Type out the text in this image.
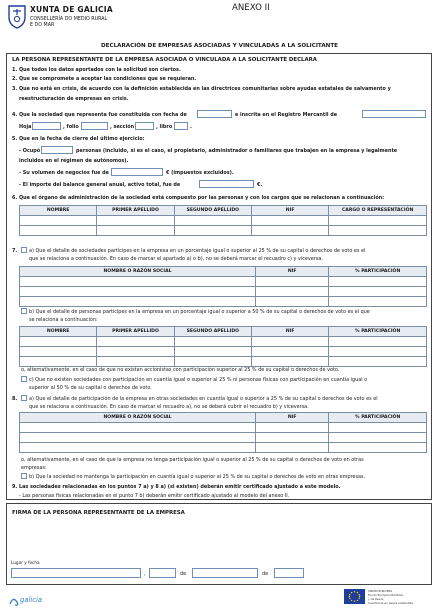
XUNTA DE GALICIA
CONSELLERÍA DO MEDIO RURAL
E DO MAR
ANEXO II
DECLARACIÓN DE EMPRESAS ASOCIADAS Y VINCULADAS A LA SOLICITANTE
LA PERSONA REPRESENTANTE DE LA EMPRESA ASOCIADA O VINCULADA A LA SOLICITANTE DECLARA
1. Que todos los datos aportados con la solicitud son ciertos.
2. Que se compromete a aceptar las condiciones que se requieran.
3. Que no está en crisis, de acuerdo con la definición establecida en las directrices comunitarias sobre ayudas estatales de salvamento y
reestructuración de empresas en crisis.
4. Que la sociedad que representa fue constituida con fecha de	e inscrita en el Registro Mercantil de
Hoja	, folio	, sección	, libro	.
5. Que en la fecha de cierre del último ejercicio:
- Ocupó	personas (incluido, si es el caso, el propietario, administrador o familiares que trabajen en la empresa y legalmente
incluidos en el régimen de autónomos).
- Su volumen de negocios fue de	€ (impuestos excluidos).
- El importe del balance general anual, activo total, fue de	€.
6. Que el órgano de administración de la sociedad está compuesto por las personas y con los cargos que se relacionan a continuación:
NOMBRE	PRIMER APELLIDO	SEGUNDO APELLIDO	NIF	CARGO O REPRESENTACIÓN

7. a) Que el detalle de sociedades partícipes en la empresa en un porcentaje igual o superior al 25 % de su capital o derechos de voto es el
que se relaciona a continuación. En caso de marcar el apartado a) o b), no se deberá marcar el recuadro c) y viceversa.
NOMBRE O RAZÓN SOCIAL	NIF	% PARTICIPACIÓN

b) Que el detalle de personas partícipes en la empresa en un porcentaje igual o superior a 50 % de su capital o derechos de voto es el que
se relaciona a continuación:
NOMBRE	PRIMER APELLIDO	SEGUNDO APELLIDO	NIF	% PARTICIPACIÓN

o, alternativamente, en el caso de que no existan accionistas con participación superior al 25 % de su capital o derechos de voto.
c) Que no existen sociedades con participación en cuantía igual o superior al 25 % ni personas físicas con participación en cuantía igual o
superior al 50 % de su capital o derechos de voto.
8. a) Que el detalle de participación de la empresa en otras sociedades en cuantía igual o superior a 25 % de su capital o derechos de voto es el
que se relaciona a continuación. En caso de marcar el recuadro a), no se deberá cubrir el recuadro b) y viceversa.
NOMBRE O RAZÓN SOCIAL	NIF	% PARTICIPACIÓN

o, alternativamente, en el caso de que la empresa no tenga participación igual o superior al 25 % de su capital o derechos de voto en otras
empresas:
b) Que la sociedad no mantenga la participación en cuantía igual o superior al 25 % de su capital o derechos de voto en otras empresas.
9. Las sociedades relacionadas en los puntos 7 a) y 8 a) (si existen) deberán emitir certificado ajustado a este modelo.
- Las personas físicas relacionadas en el punto 7 b) deberán emitir certificado ajustado al modelo del anexo II.
FIRMA DE LA PERSONA REPRESENTANTE DE LA EMPRESA
Lugar y fecha
,	de	de
galicia
UNIÓN EUROPEA
Fondo Europeo Marítimo
y de Pesca
Invertimos en pesca sostenible
